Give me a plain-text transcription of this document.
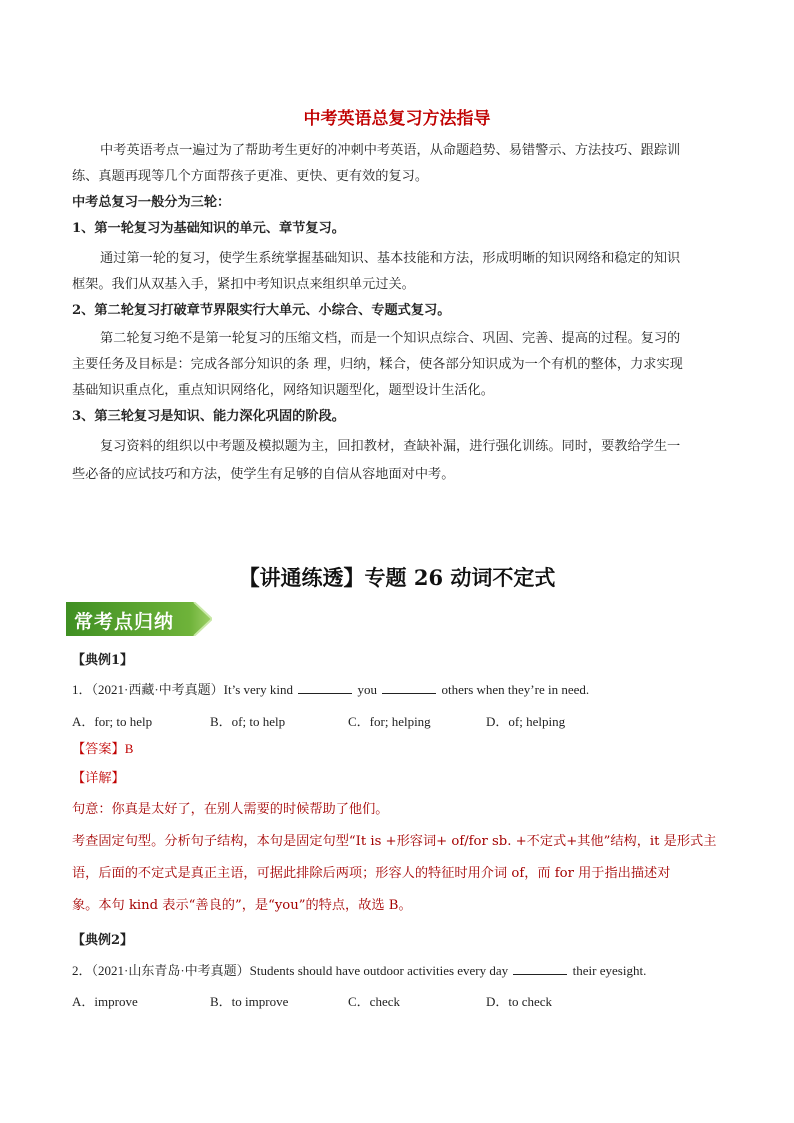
中考英语总复习方法指导
中考英语考点一遍过为了帮助考生更好的冲刺中考英语，从命题趋势、易错警示、方法技巧、跟踪训
练、真题再现等几个方面帮孩子更准、更快、更有效的复习。
中考总复习一般分为三轮：
1、第一轮复习为基础知识的单元、章节复习。
通过第一轮的复习，使学生系统掌握基础知识、基本技能和方法，形成明晰的知识网络和稳定的知识
框架。我们从双基入手，紧扣中考知识点来组织单元过关。
2、第二轮复习打破章节界限实行大单元、小综合、专题式复习。
第二轮复习绝不是第一轮复习的压缩文档，而是一个知识点综合、巩固、完善、提高的过程。复习的
主要任务及目标是：完成各部分知识的条 理，归纳，糅合，使各部分知识成为一个有机的整体，力求实现
基础知识重点化，重点知识网络化，网络知识题型化，题型设计生活化。
3、第三轮复习是知识、能力深化巩固的阶段。
复习资料的组织以中考题及模拟题为主，回扣教材，查缺补漏，进行强化训练。同时，要教给学生一
些必备的应试技巧和方法，使学生有足够的自信从容地面对中考。
【讲通练透】专题 26 动词不定式
常考点归纳
【典例1】
1．（2021·西藏·中考真题）It’s very kind	you	others when they’re in need.
A．for; to help	B．of; to help	C．for; helping	D．of; helping
【答案】B
【详解】
句意：你真是太好了，在别人需要的时候帮助了他们。
考查固定句型。分析句子结构，本句是固定句型“It is +形容词+ of/for sb. +不定式+其他”结构，it 是形式主
语，后面的不定式是真正主语，可据此排除后两项；形容人的特征时用介词 of，而 for 用于指出描述对
象。本句 kind 表示“善良的”，是“you”的特点，故选 B。
【典例2】
2．（2021·山东青岛·中考真题）Students should have outdoor activities every day	their eyesight.
A．improve	B．to improve	C．check	D．to check
